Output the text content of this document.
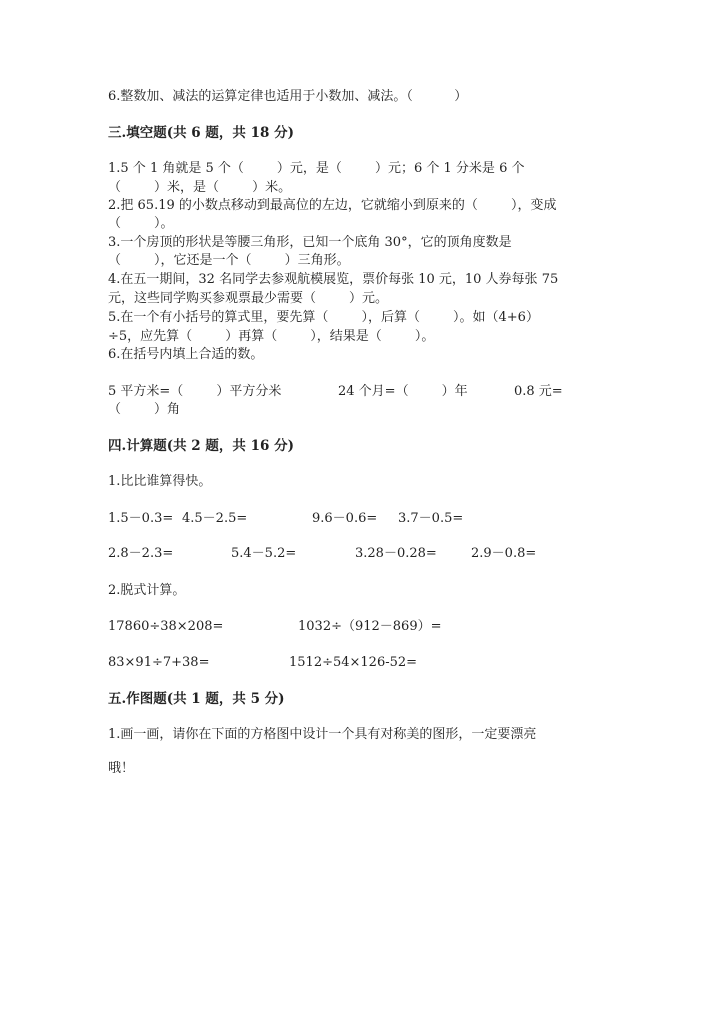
6.整数加、减法的运算定律也适用于小数加、减法。（          ）
三.填空题(共 6 题，共 18 分)
1.5 个 1 角就是 5 个（        ）元，是（        ）元；6 个 1 分米是 6 个
（        ）米，是（        ）米。
2.把 65.19 的小数点移动到最高位的左边，它就缩小到原来的（        ），变成
（        ）。
3.一个房顶的形状是等腰三角形，已知一个底角 30°，它的顶角度数是
（        ），它还是一个（        ）三角形。
4.在五一期间，32 名同学去参观航模展览，票价每张 10 元，10 人券每张 75
元，这些同学购买参观票最少需要（        ）元。
5.在一个有小括号的算式里，要先算（        ），后算（        ）。如（4+6）
÷5，应先算（        ）再算（        ），结果是（        ）。
6.在括号内填上合适的数。
5 平方米=（        ）平方分米	24 个月=（        ）年	0.8 元=
（        ）角
四.计算题(共 2 题，共 16 分)
1.比比谁算得快。
1.5－0.3= 4.5－2.5=	9.6－0.6= 3.7－0.5=
2.8－2.3=	5.4－5.2=	3.28－0.28=	2.9－0.8=
2.脱式计算。
17860÷38×208=	1032÷（912－869）=
83×91÷7+38=	1512÷54×126-52=
五.作图题(共 1 题，共 5 分)
1.画一画，请你在下面的方格图中设计一个具有对称美的图形，一定要漂亮
哦！
